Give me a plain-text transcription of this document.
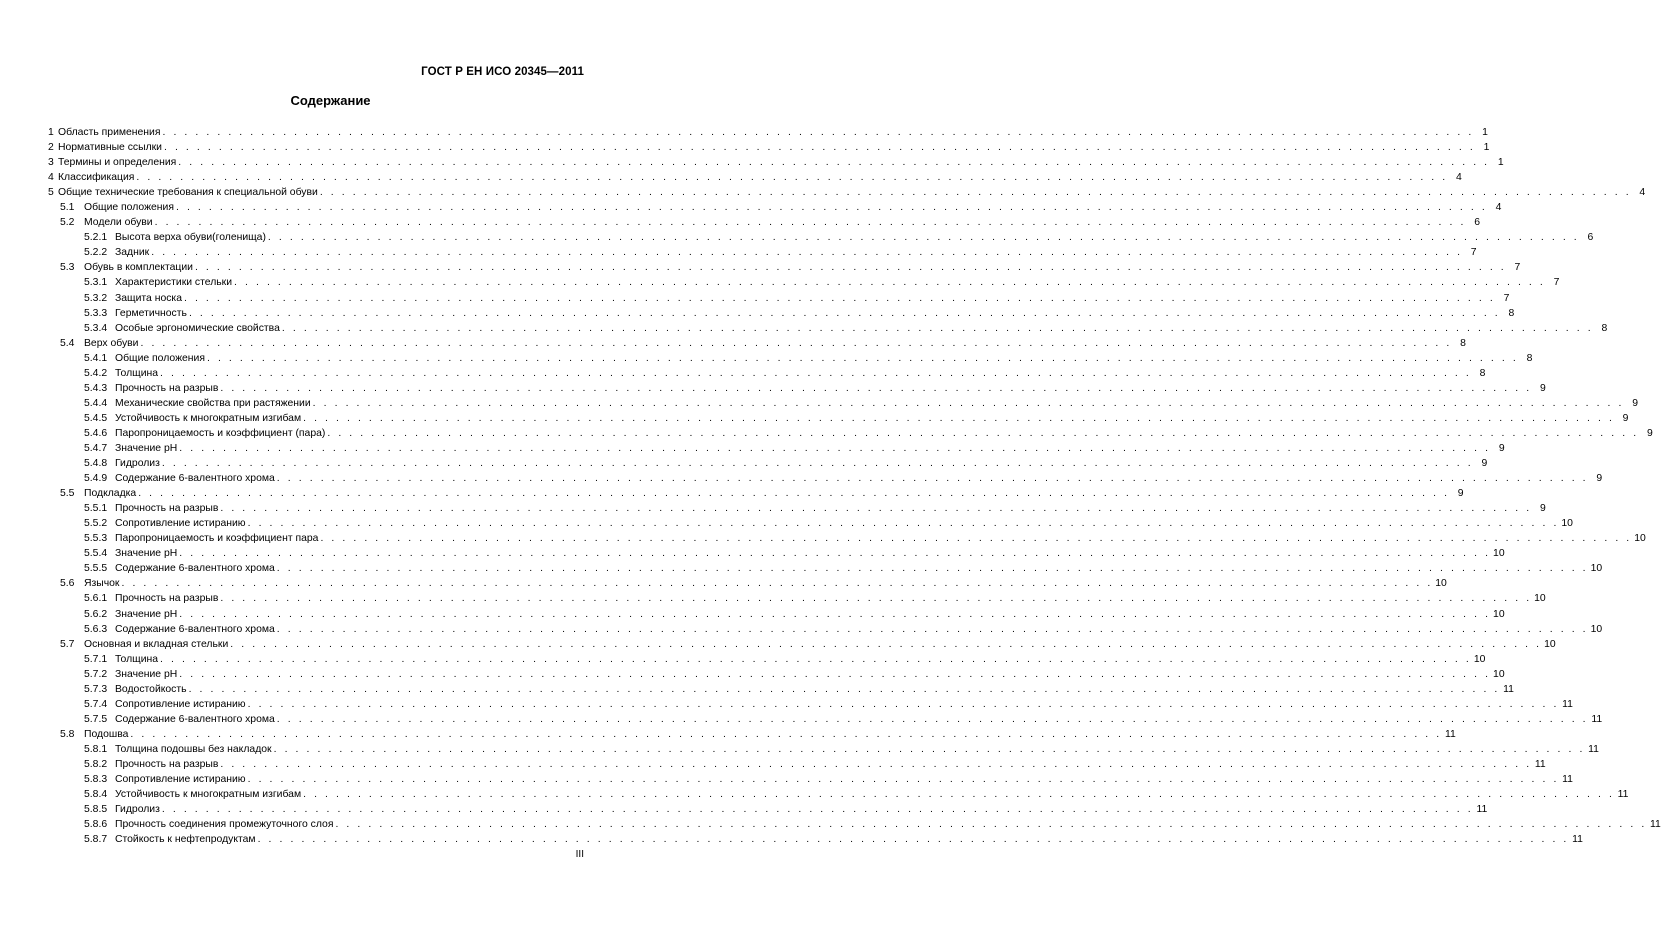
ГОСТ Р ЕН ИСО 20345—2011
Содержание
1 Область применения . . . . . . . . . . . . . . . . . . . . . . . . . . . . . . . . . . . . . . . . . . . . . . . . . . . . . . . . . . . . . . . . . . . . . . . . . . . . . . . . . . . . . . . . . . . . . . . . . . . . . . . . . . . . . . . . . . . . . . . . 1
2 Нормативные ссылки . . . . . . . . . . . . . . . . . . . . . . . . . . . . . . . . . . . . . . . . . . . . . . . . . . . . . . . . . . . . . . . . . . . . . . . . . . . . . . . . . . . . . . . . . . . . . . . . . . . . . . . . . . . . . . . . . . . . . . . . 1
3 Термины и определения . . . . . . . . . . . . . . . . . . . . . . . . . . . . . . . . . . . . . . . . . . . . . . . . . . . . . . . . . . . . . . . . . . . . . . . . . . . . . . . . . . . . . . . . . . . . . . . . . . . . . . . . . . . . . . . . . . . . . . . . 1
4 Классификация . . . . . . . . . . . . . . . . . . . . . . . . . . . . . . . . . . . . . . . . . . . . . . . . . . . . . . . . . . . . . . . . . . . . . . . . . . . . . . . . . . . . . . . . . . . . . . . . . . . . . . . . . . . . . . . . . . . . . . . . 4
5 Общие технические требования к специальной обуви . . . . . . . . . . . . . . . . . . . . . . . . . . . . . . . . . . . . . . . . . . . . . . . . . . . . . . . . . . . . . . . . . . . . . . . . . . . . . . . . . . . . . . . . . . . . . . . . . . . . . . . . . . . . . . . . . . . . . . . . 4
5.1 Общие положения . . . . . . . . . . . . . . . . . . . . . . . . . . . . . . . . . . . . . . . . . . . . . . . . . . . . . . . . . . . . . . . . . . . . . . . . . . . . . . . . . . . . . . . . . . . . . . . . . . . . . . . . . . . . . . . . . . . . . . . . 4
5.2 Модели обуви . . . . . . . . . . . . . . . . . . . . . . . . . . . . . . . . . . . . . . . . . . . . . . . . . . . . . . . . . . . . . . . . . . . . . . . . . . . . . . . . . . . . . . . . . . . . . . . . . . . . . . . . . . . . . . . . . . . . . . . . 6
5.2.1 Высота верха обуви(голенища) . . . . . . . . . . . . . . . . . . . . . . . . . . . . . . . . . . . . . . . . . . . . . . . . . . . . . . . . . . . . . . . . . . . . . . . . . . . . . . . . . . . . . . . . . . . . . . . . . . . . . . . . . . . . . . . . . . . . . . . . 6
5.2.2 Задник . . . . . . . . . . . . . . . . . . . . . . . . . . . . . . . . . . . . . . . . . . . . . . . . . . . . . . . . . . . . . . . . . . . . . . . . . . . . . . . . . . . . . . . . . . . . . . . . . . . . . . . . . . . . . . . . . . . . . . . . 7
5.3 Обувь в комплектации . . . . . . . . . . . . . . . . . . . . . . . . . . . . . . . . . . . . . . . . . . . . . . . . . . . . . . . . . . . . . . . . . . . . . . . . . . . . . . . . . . . . . . . . . . . . . . . . . . . . . . . . . . . . . . . . . . . . . . . . 7
5.3.1 Характеристики стельки . . . . . . . . . . . . . . . . . . . . . . . . . . . . . . . . . . . . . . . . . . . . . . . . . . . . . . . . . . . . . . . . . . . . . . . . . . . . . . . . . . . . . . . . . . . . . . . . . . . . . . . . . . . . . . . . . . . . . . . . 7
5.3.2 Защита носка . . . . . . . . . . . . . . . . . . . . . . . . . . . . . . . . . . . . . . . . . . . . . . . . . . . . . . . . . . . . . . . . . . . . . . . . . . . . . . . . . . . . . . . . . . . . . . . . . . . . . . . . . . . . . . . . . . . . . . . . 7
5.3.3 Герметичность . . . . . . . . . . . . . . . . . . . . . . . . . . . . . . . . . . . . . . . . . . . . . . . . . . . . . . . . . . . . . . . . . . . . . . . . . . . . . . . . . . . . . . . . . . . . . . . . . . . . . . . . . . . . . . . . . . . . . . . . 8
5.3.4 Особые эргономические свойства . . . . . . . . . . . . . . . . . . . . . . . . . . . . . . . . . . . . . . . . . . . . . . . . . . . . . . . . . . . . . . . . . . . . . . . . . . . . . . . . . . . . . . . . . . . . . . . . . . . . . . . . . . . . . . . . . . . . . . . . 8
5.4 Верх обуви . . . . . . . . . . . . . . . . . . . . . . . . . . . . . . . . . . . . . . . . . . . . . . . . . . . . . . . . . . . . . . . . . . . . . . . . . . . . . . . . . . . . . . . . . . . . . . . . . . . . . . . . . . . . . . . . . . . . . . . . 8
5.4.1 Общие положения . . . . . . . . . . . . . . . . . . . . . . . . . . . . . . . . . . . . . . . . . . . . . . . . . . . . . . . . . . . . . . . . . . . . . . . . . . . . . . . . . . . . . . . . . . . . . . . . . . . . . . . . . . . . . . . . . . . . . . . . 8
5.4.2 Толщина . . . . . . . . . . . . . . . . . . . . . . . . . . . . . . . . . . . . . . . . . . . . . . . . . . . . . . . . . . . . . . . . . . . . . . . . . . . . . . . . . . . . . . . . . . . . . . . . . . . . . . . . . . . . . . . . . . . . . . . . 8
5.4.3 Прочность на разрыв . . . . . . . . . . . . . . . . . . . . . . . . . . . . . . . . . . . . . . . . . . . . . . . . . . . . . . . . . . . . . . . . . . . . . . . . . . . . . . . . . . . . . . . . . . . . . . . . . . . . . . . . . . . . . . . . . . . . . . . . 9
5.4.4 Механические свойства при растяжении . . . . . . . . . . . . . . . . . . . . . . . . . . . . . . . . . . . . . . . . . . . . . . . . . . . . . . . . . . . . . . . . . . . . . . . . . . . . . . . . . . . . . . . . . . . . . . . . . . . . . . . . . . . . . . . . . . . . . . . . 9
5.4.5 Устойчивость к многократным изгибам . . . . . . . . . . . . . . . . . . . . . . . . . . . . . . . . . . . . . . . . . . . . . . . . . . . . . . . . . . . . . . . . . . . . . . . . . . . . . . . . . . . . . . . . . . . . . . . . . . . . . . . . . . . . . . . . . . . . . . . . 9
5.4.6 Паропроницаемость и коэффициент (пара) . . . . . . . . . . . . . . . . . . . . . . . . . . . . . . . . . . . . . . . . . . . . . . . . . . . . . . . . . . . . . . . . . . . . . . . . . . . . . . . . . . . . . . . . . . . . . . . . . . . . . . . . . . . . . . . . . . . . . . . . 9
5.4.7 Значение pH . . . . . . . . . . . . . . . . . . . . . . . . . . . . . . . . . . . . . . . . . . . . . . . . . . . . . . . . . . . . . . . . . . . . . . . . . . . . . . . . . . . . . . . . . . . . . . . . . . . . . . . . . . . . . . . . . . . . . . . . 9
5.4.8 Гидролиз . . . . . . . . . . . . . . . . . . . . . . . . . . . . . . . . . . . . . . . . . . . . . . . . . . . . . . . . . . . . . . . . . . . . . . . . . . . . . . . . . . . . . . . . . . . . . . . . . . . . . . . . . . . . . . . . . . . . . . . . 9
5.4.9 Содержание 6-валентного хрома . . . . . . . . . . . . . . . . . . . . . . . . . . . . . . . . . . . . . . . . . . . . . . . . . . . . . . . . . . . . . . . . . . . . . . . . . . . . . . . . . . . . . . . . . . . . . . . . . . . . . . . . . . . . . . . . . . . . . . . . 9
5.5 Подкладка . . . . . . . . . . . . . . . . . . . . . . . . . . . . . . . . . . . . . . . . . . . . . . . . . . . . . . . . . . . . . . . . . . . . . . . . . . . . . . . . . . . . . . . . . . . . . . . . . . . . . . . . . . . . . . . . . . . . . . . . 9
5.5.1 Прочность на разрыв . . . . . . . . . . . . . . . . . . . . . . . . . . . . . . . . . . . . . . . . . . . . . . . . . . . . . . . . . . . . . . . . . . . . . . . . . . . . . . . . . . . . . . . . . . . . . . . . . . . . . . . . . . . . . . . . . . . . . . . . 9
5.5.2 Сопротивление истиранию . . . . . . . . . . . . . . . . . . . . . . . . . . . . . . . . . . . . . . . . . . . . . . . . . . . . . . . . . . . . . . . . . . . . . . . . . . . . . . . . . . . . . . . . . . . . . . . . . . . . . . . . . . . . . . . . . . . . . . . . 10
5.5.3 Паропроницаемость и коэффициент пара . . . . . . . . . . . . . . . . . . . . . . . . . . . . . . . . . . . . . . . . . . . . . . . . . . . . . . . . . . . . . . . . . . . . . . . . . . . . . . . . . . . . . . . . . . . . . . . . . . . . . . . . . . . . . . . . . . . . . . . . 10
5.5.4 Значение pH . . . . . . . . . . . . . . . . . . . . . . . . . . . . . . . . . . . . . . . . . . . . . . . . . . . . . . . . . . . . . . . . . . . . . . . . . . . . . . . . . . . . . . . . . . . . . . . . . . . . . . . . . . . . . . . . . . . . . . . . 10
5.5.5 Содержание 6-валентного хрома . . . . . . . . . . . . . . . . . . . . . . . . . . . . . . . . . . . . . . . . . . . . . . . . . . . . . . . . . . . . . . . . . . . . . . . . . . . . . . . . . . . . . . . . . . . . . . . . . . . . . . . . . . . . . . . . . . . . . . . . 10
5.6 Язычок . . . . . . . . . . . . . . . . . . . . . . . . . . . . . . . . . . . . . . . . . . . . . . . . . . . . . . . . . . . . . . . . . . . . . . . . . . . . . . . . . . . . . . . . . . . . . . . . . . . . . . . . . . . . . . . . . . . . . . . . 10
5.6.1 Прочность на разрыв . . . . . . . . . . . . . . . . . . . . . . . . . . . . . . . . . . . . . . . . . . . . . . . . . . . . . . . . . . . . . . . . . . . . . . . . . . . . . . . . . . . . . . . . . . . . . . . . . . . . . . . . . . . . . . . . . . . . . . . . 10
5.6.2 Значение pH . . . . . . . . . . . . . . . . . . . . . . . . . . . . . . . . . . . . . . . . . . . . . . . . . . . . . . . . . . . . . . . . . . . . . . . . . . . . . . . . . . . . . . . . . . . . . . . . . . . . . . . . . . . . . . . . . . . . . . . . 10
5.6.3 Содержание 6-валентного хрома . . . . . . . . . . . . . . . . . . . . . . . . . . . . . . . . . . . . . . . . . . . . . . . . . . . . . . . . . . . . . . . . . . . . . . . . . . . . . . . . . . . . . . . . . . . . . . . . . . . . . . . . . . . . . . . . . . . . . . . . 10
5.7 Основная и вкладная стельки . . . . . . . . . . . . . . . . . . . . . . . . . . . . . . . . . . . . . . . . . . . . . . . . . . . . . . . . . . . . . . . . . . . . . . . . . . . . . . . . . . . . . . . . . . . . . . . . . . . . . . . . . . . . . . . . . . . . . . . . 10
5.7.1 Толщина . . . . . . . . . . . . . . . . . . . . . . . . . . . . . . . . . . . . . . . . . . . . . . . . . . . . . . . . . . . . . . . . . . . . . . . . . . . . . . . . . . . . . . . . . . . . . . . . . . . . . . . . . . . . . . . . . . . . . . . . 10
5.7.2 Значение pH . . . . . . . . . . . . . . . . . . . . . . . . . . . . . . . . . . . . . . . . . . . . . . . . . . . . . . . . . . . . . . . . . . . . . . . . . . . . . . . . . . . . . . . . . . . . . . . . . . . . . . . . . . . . . . . . . . . . . . . . 10
5.7.3 Водостойкость . . . . . . . . . . . . . . . . . . . . . . . . . . . . . . . . . . . . . . . . . . . . . . . . . . . . . . . . . . . . . . . . . . . . . . . . . . . . . . . . . . . . . . . . . . . . . . . . . . . . . . . . . . . . . . . . . . . . . . . . 11
5.7.4 Сопротивление истиранию . . . . . . . . . . . . . . . . . . . . . . . . . . . . . . . . . . . . . . . . . . . . . . . . . . . . . . . . . . . . . . . . . . . . . . . . . . . . . . . . . . . . . . . . . . . . . . . . . . . . . . . . . . . . . . . . . . . . . . . . 11
5.7.5 Содержание 6-валентного хрома . . . . . . . . . . . . . . . . . . . . . . . . . . . . . . . . . . . . . . . . . . . . . . . . . . . . . . . . . . . . . . . . . . . . . . . . . . . . . . . . . . . . . . . . . . . . . . . . . . . . . . . . . . . . . . . . . . . . . . . . 11
5.8 Подошва . . . . . . . . . . . . . . . . . . . . . . . . . . . . . . . . . . . . . . . . . . . . . . . . . . . . . . . . . . . . . . . . . . . . . . . . . . . . . . . . . . . . . . . . . . . . . . . . . . . . . . . . . . . . . . . . . . . . . . . . 11
5.8.1 Толщина подошвы без накладок . . . . . . . . . . . . . . . . . . . . . . . . . . . . . . . . . . . . . . . . . . . . . . . . . . . . . . . . . . . . . . . . . . . . . . . . . . . . . . . . . . . . . . . . . . . . . . . . . . . . . . . . . . . . . . . . . . . . . . . . 11
5.8.2 Прочность на разрыв . . . . . . . . . . . . . . . . . . . . . . . . . . . . . . . . . . . . . . . . . . . . . . . . . . . . . . . . . . . . . . . . . . . . . . . . . . . . . . . . . . . . . . . . . . . . . . . . . . . . . . . . . . . . . . . . . . . . . . . . 11
5.8.3 Сопротивление истиранию . . . . . . . . . . . . . . . . . . . . . . . . . . . . . . . . . . . . . . . . . . . . . . . . . . . . . . . . . . . . . . . . . . . . . . . . . . . . . . . . . . . . . . . . . . . . . . . . . . . . . . . . . . . . . . . . . . . . . . . . 11
5.8.4 Устойчивость к многократным изгибам . . . . . . . . . . . . . . . . . . . . . . . . . . . . . . . . . . . . . . . . . . . . . . . . . . . . . . . . . . . . . . . . . . . . . . . . . . . . . . . . . . . . . . . . . . . . . . . . . . . . . . . . . . . . . . . . . . . . . . . . 11
5.8.5 Гидролиз . . . . . . . . . . . . . . . . . . . . . . . . . . . . . . . . . . . . . . . . . . . . . . . . . . . . . . . . . . . . . . . . . . . . . . . . . . . . . . . . . . . . . . . . . . . . . . . . . . . . . . . . . . . . . . . . . . . . . . . . 11
5.8.6 Прочность соединения промежуточного слоя . . . . . . . . . . . . . . . . . . . . . . . . . . . . . . . . . . . . . . . . . . . . . . . . . . . . . . . . . . . . . . . . . . . . . . . . . . . . . . . . . . . . . . . . . . . . . . . . . . . . . . . . . . . . . . . . . . . . . . . . 11
5.8.7 Стойкость к нефтепродуктам . . . . . . . . . . . . . . . . . . . . . . . . . . . . . . . . . . . . . . . . . . . . . . . . . . . . . . . . . . . . . . . . . . . . . . . . . . . . . . . . . . . . . . . . . . . . . . . . . . . . . . . . . . . . . . . . . . . . . . . . 11
III
